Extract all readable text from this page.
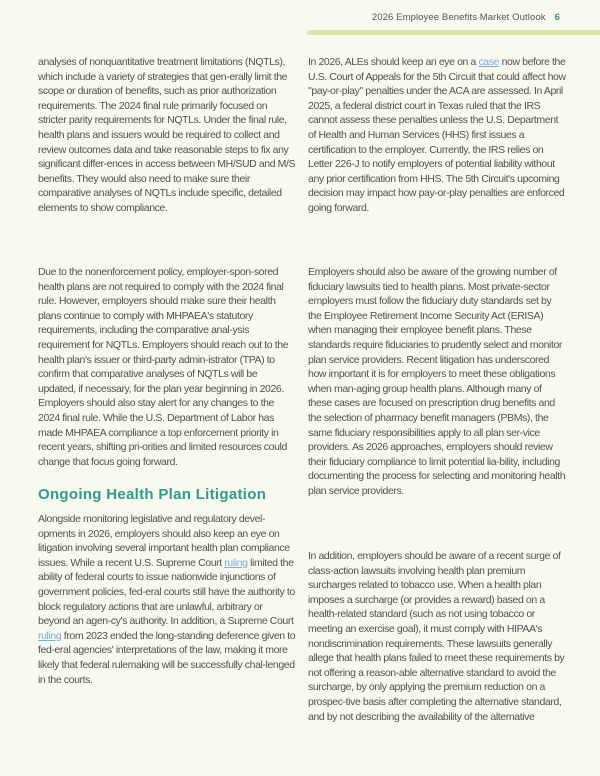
2026 Employee Benefits Market Outlook 6

analyses of nonquantitative treatment limitations (NQTLs), which include a variety of strategies that gen-erally limit the scope or duration of benefits, such as prior authorization requirements. The 2024 final rule primarily focused on stricter parity requirements for NQTLs. Under the final rule, health plans and issuers would be required to collect and review outcomes data and take reasonable steps to fix any significant differ-ences in access between MH/SUD and M/S benefits. They would also need to make sure their comparative analyses of NQTLs include specific, detailed elements to show compliance.

Due to the nonenforcement policy, employer-spon-sored health plans are not required to comply with the 2024 final rule. However, employers should make sure their health plans continue to comply with MHPAEA's statutory requirements, including the comparative anal-ysis requirement for NQTLs. Employers should reach out to the health plan's issuer or third-party admin-istrator (TPA) to confirm that comparative analyses of NQTLs will be updated, if necessary, for the plan year beginning in 2026. Employers should also stay alert for any changes to the 2024 final rule. While the U.S. Department of Labor has made MHPAEA compliance a top enforcement priority in recent years, shifting pri-orities and limited resources could change that focus going forward.

Ongoing Health Plan Litigation

Alongside monitoring legislative and regulatory devel-opments in 2026, employers should also keep an eye on litigation involving several important health plan compliance issues. While a recent U.S. Supreme Court ruling limited the ability of federal courts to issue nationwide injunctions of government policies, fed-eral courts still have the authority to block regulatory actions that are unlawful, arbitrary or beyond an agen-cy's authority. In addition, a Supreme Court ruling from 2023 ended the long-standing deference given to fed-eral agencies' interpretations of the law, making it more likely that federal rulemaking will be successfully chal-lenged in the courts.

In 2026, ALEs should keep an eye on a case now before the U.S. Court of Appeals for the 5th Circuit that could affect how "pay-or-play" penalties under the ACA are assessed. In April 2025, a federal district court in Texas ruled that the IRS cannot assess these penalties unless the U.S. Department of Health and Human Services (HHS) first issues a certification to the employer. Currently, the IRS relies on Letter 226-J to notify employers of potential liability without any prior certification from HHS. The 5th Circuit's upcoming decision may impact how pay-or-play penalties are enforced going forward.

Employers should also be aware of the growing number of fiduciary lawsuits tied to health plans. Most private-sector employers must follow the fiduciary duty standards set by the Employee Retirement Income Security Act (ERISA) when managing their employee benefit plans. These standards require fiduciaries to prudently select and monitor plan service providers. Recent litigation has underscored how important it is for employers to meet these obligations when man-aging group health plans. Although many of these cases are focused on prescription drug benefits and the selection of pharmacy benefit managers (PBMs), the same fiduciary responsibilities apply to all plan ser-vice providers. As 2026 approaches, employers should review their fiduciary compliance to limit potential lia-bility, including documenting the process for selecting and monitoring health plan service providers.

In addition, employers should be aware of a recent surge of class-action lawsuits involving health plan premium surcharges related to tobacco use. When a health plan imposes a surcharge (or provides a reward) based on a health-related standard (such as not using tobacco or meeting an exercise goal), it must comply with HIPAA's nondiscrimination requirements. These lawsuits generally allege that health plans failed to meet these requirements by not offering a reason-able alternative standard to avoid the surcharge, by only applying the premium reduction on a prospec-tive basis after completing the alternative standard, and by not describing the availability of the alternative
